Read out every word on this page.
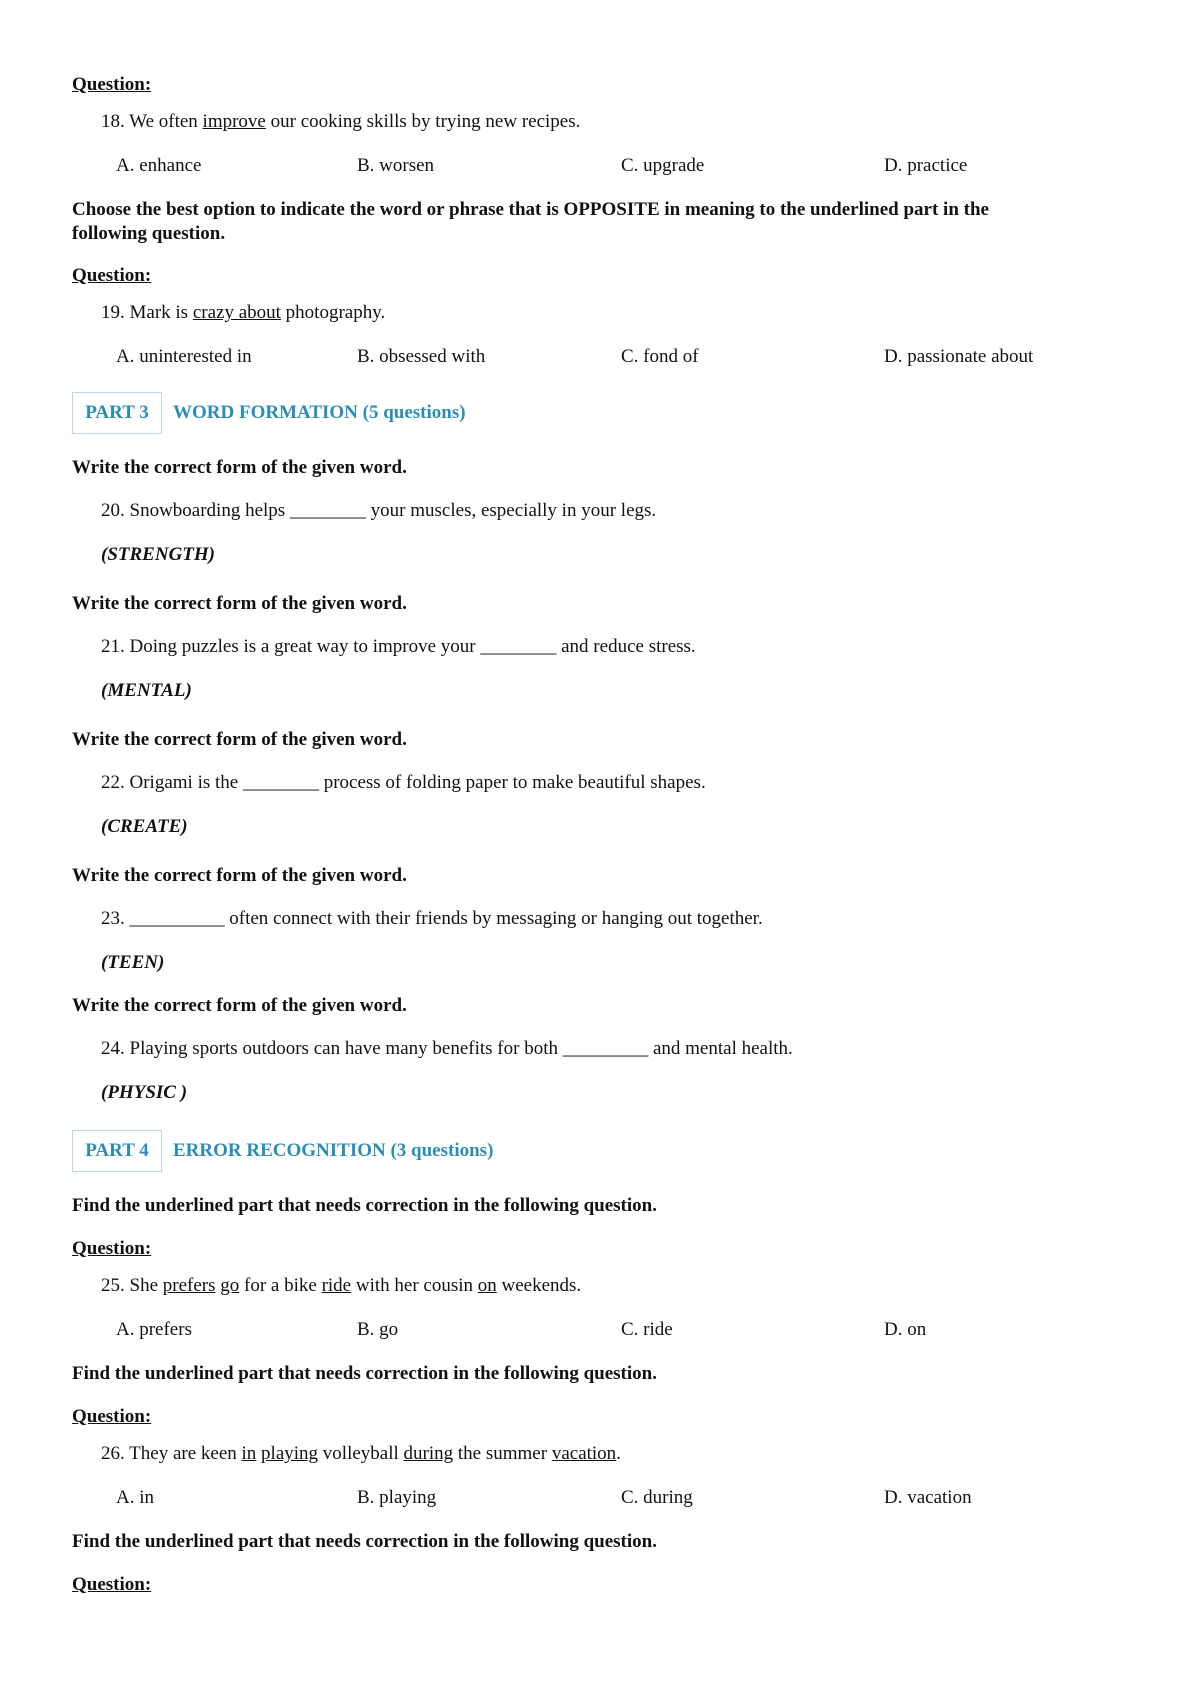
Question:
18. We often improve our cooking skills by trying new recipes.
A. enhance	B. worsen	C. upgrade	D. practice
Choose the best option to indicate the word or phrase that is OPPOSITE in meaning to the underlined part in the following question.
Question:
19. Mark is crazy about photography.
A. uninterested in	B. obsessed with	C. fond of	D. passionate about
PART 3	WORD FORMATION (5 questions)
Write the correct form of the given word.
20. Snowboarding helps ________ your muscles, especially in your legs.
(STRENGTH)
Write the correct form of the given word.
21. Doing puzzles is a great way to improve your ________ and reduce stress.
(MENTAL)
Write the correct form of the given word.
22. Origami is the ________ process of folding paper to make beautiful shapes.
(CREATE)
Write the correct form of the given word.
23. __________ often connect with their friends by messaging or hanging out together.
(TEEN)
Write the correct form of the given word.
24. Playing sports outdoors can have many benefits for both _________ and mental health.
(PHYSIC )
PART 4	ERROR RECOGNITION (3 questions)
Find the underlined part that needs correction in the following question.
Question:
25. She prefers go for a bike ride with her cousin on weekends.
A. prefers	B. go	C. ride	D. on
Find the underlined part that needs correction in the following question.
Question:
26. They are keen in playing volleyball during the summer vacation.
A. in	B. playing	C. during	D. vacation
Find the underlined part that needs correction in the following question.
Question:
